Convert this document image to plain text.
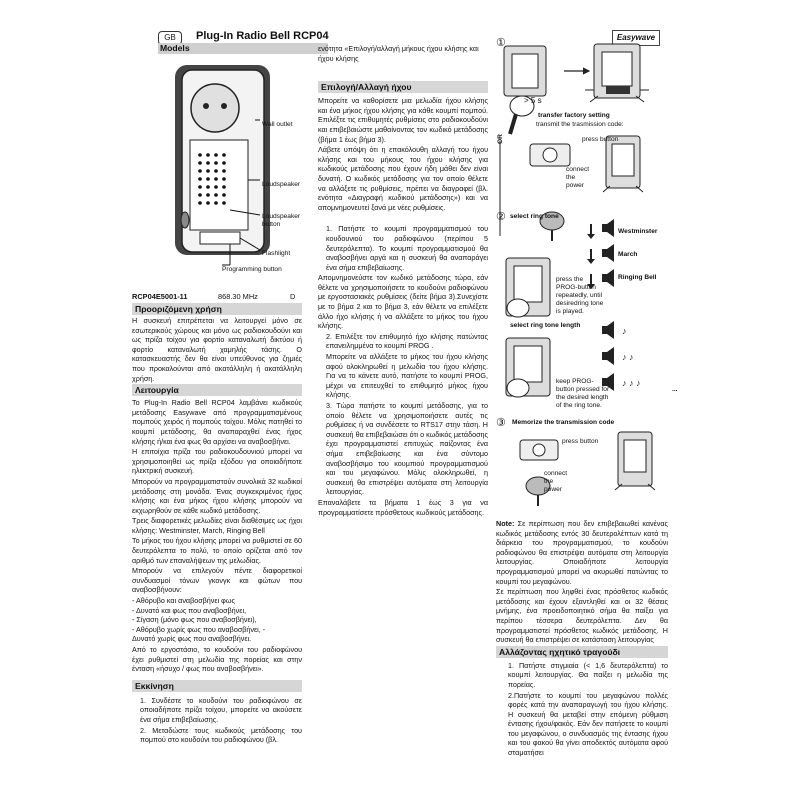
GB	Plug-In Radio Bell RCP04
Models
Easywave
Wall outlet
Loudspeaker
Loudspeaker
button
Flashlight
Programming button
RCP04E5001-11	868.30 MHz	D
Προοριζόμενη χρήση

Η συσκευή επιτρέπεται να λειτουργεί μόνο σε εσωτερικούς χώρους και μόνο ως ραδιοκουδούνι και ως πρίζα τοίχου για φορτίο καταναλωτή δικτύου ή φορτίο καταναλωτή χαμηλής τάσης. Ο κατασκευαστής δεν θα είναι υπεύθυνος για ζημιές που προκαλούνται από ακατάλληλη ή ακατάλληλη χρήση.

Λειτουργία

Το Plug-In Radio Bell RCP04 λαμβάνει κωδικούς μετάδοσης Easywave από προγραμματισμένους πομπούς χειρός ή πομπούς τοίχου. Μόλις πατηθεί το κουμπί μετάδοσης, θα αναπαραχθεί ένας ήχος κλήσης ή/και ένα φως θα αρχίσει να αναβοσβήνει.

Η επιτοίχια πρίζα του ραδιοκουδουνιού μπορεί να χρησιμοποιηθεί ως πρίζα εξόδου για οποιαδήποτε ηλεκτρική συσκευή.

Μπορούν να προγραμματιστούν συνολικά 32 κωδικοί μετάδοσης στη μονάδα. Ένας συγκεκριμένος ήχος κλήσης και ένα μήκος ήχου κλήσης μπορούν να εκχωρηθούν σε κάθε κωδικό μετάδοσης.

Τρεις διαφορετικές μελωδίες είναι διαθέσιμες ως ήχοι κλήσης: Westminster, March, Ringing Bell

Το μήκος του ήχου κλήσης μπορεί να ρυθμιστεί σε 60 δευτερόλεπτα το πολύ, το οποίο ορίζεται από τον αριθμό των επαναλήψεων της μελωδίας.

Μπορούν να επιλεγούν πέντε διαφορετικοί συνδυασμοί τόνων γκονγκ και φώτων που αναβοσβήνουν:

- Αθόρυβο και αναβοσβήνει φως
- Δυνατό και φως που αναβοσβήνει,
- Σίγαση (μόνο φως που αναβοσβήνει),
- Αθόρυβο χωρίς φως που αναβοσβήνει, -
Δυνατό χωρίς φως που αναβοσβήνει.

Από το εργοστάσιο, το κουδούνι του ραδιοφώνου έχει ρυθμιστεί στη μελωδία της πορείας και στην ένταση «ήσυχο / φως που αναβοσβήνει».

Εκκίνηση

1. Συνδέστε το κουδούνι του ραδιοφώνου σε οποιαδήποτε πρίζα τοίχου, μπορείτε να ακούσετε ένα σήμα επιβεβαίωσης.

2. Μεταδώστε τους κωδικούς μετάδοσης του πομπού στο κουδούνι του ραδιοφώνου (βλ.

ενότητα «Επιλογή/αλλαγή μήκους ήχου κλήσης και ήχου κλήσης

Επιλογή/Αλλαγή ήχου

Μπορείτε να καθορίσετε μια μελωδία ήχου κλήσης και ένα μήκος ήχου κλήσης για κάθε κουμπί πομπού. Επιλέξτε τις επιθυμητές ρυθμίσεις στο ραδιοκουδούνι και επιβεβαιώστε μαθαίνοντας τον κωδικό μετάδοσης (βήμα 1 έως βήμα 3).

Λάβετε υπόψη ότι η επακόλουθη αλλαγή του ήχου κλήσης και του μήκους του ήχου κλήσης για κωδικούς μετάδοσης που έχουν ήδη μάθει δεν είναι δυνατή. Ο κωδικός μετάδοσης για τον οποίο θέλετε να αλλάξετε τις ρυθμίσεις, πρέπει να διαγραφεί (βλ. ενότητα «Διαγραφή κωδικού μετάδοσης») και να απομνημονευτεί ξανά με νέες ρυθμίσεις.

1. Πατήστε το κουμπί προγραμματισμού του κουδουνιού του ραδιοφώνου (περίπου 5 δευτερόλεπτα). Το κουμπί προγραμματισμού θα αναβοσβήνει αργά και η συσκευή θα αναπαράγει ένα σήμα επιβεβαίωσης.

Απομνημονεύστε τον κωδικό μετάδοσης τώρα, εάν θέλετε να χρησιμοποιήσετε το κουδούνι ραδιοφώνου με εργοστασιακές ρυθμίσεις (δείτε βήμα 3).Συνεχίστε με το βήμα 2 και το βήμα 3, εάν θέλετε να επιλέξετε άλλο ήχο κλήσης ή να αλλάξετε το μήκος του ήχου κλήσης.

2. Επιλέξτε τον επιθυμητό ήχο κλήσης πατώντας επανειλημμένα το κουμπί PROG .

Μπορείτε να αλλάξετε το μήκος του ήχου κλήσης αφού ολοκληρωθεί η μελωδία του ήχου κλήσης. Για να το κάνετε αυτό, πατήστε το κουμπί PROG, μέχρι να επιτευχθεί το επιθυμητό μήκος ήχου κλήσης.

3. Τώρα πατήστε το κουμπί μετάδοσης, για το οποίο θέλετε να χρησιμοποιήσετε αυτές τις ρυθμίσεις ή να συνδέσετε το RTS17 στην τάση. Η συσκευή θα επιβεβαιώσει ότι ο κωδικός μετάδοσης έχει προγραμματιστεί επιτυχώς παίζοντας ένα σήμα επιβεβαίωσης και ένα σύντομο αναβοσβήσιμο του κουμπιού προγραμματισμού και του μεγαφώνου. Μόλις ολοκληρωθεί, η συσκευή θα επιστρέψει αυτόματα στη λειτουργία λειτουργίας.

Επαναλάβετε τα βήματα 1 έως 3 για να προγραμματίσετε πρόσθετους κωδικούς μετάδοσης.

♪
♪ ♪
♪ ♪ ♪
①
> 5 s
transfer factory setting
transmit the trasmission code:
OR	press button
connect
the
power
② select ring tone
Westminster
March
Ringing Bell
press the
PROG-button
repeatedly, until
desiredring tone
is played.
select ring tone length
keep PROG-
button pressed for
the desired length
of the ring tone.
...
③ Memorize the transmission code
press button
connect
the
power

Note: Σε περίπτωση που δεν επιβεβαιωθεί κανένας κωδικός μετάδοσης εντός 30 δευτερολέπτων κατά τη διάρκεια του προγραμματισμού, το κουδούνι ραδιοφώνου θα επιστρέψει αυτόματα στη λειτουργία λειτουργίας. Οποιαδήποτε λειτουργία προγραμματισμού μπορεί να ακυρωθεί πατώντας το κουμπί του μεγαφώνου.

Σε περίπτωση που ληφθεί ένας πρόσθετος κωδικός μετάδοσης και έχουν εξαντληθεί και οι 32 θέσεις μνήμης, ένα προειδοποιητικό σήμα θα παίξει για περίπου τέσσερα δευτερόλεπτα. Δεν θα προγραμματιστεί πρόσθετος κωδικός μετάδοσης. Η συσκευή θα επιστρέψει σε κατάσταση λειτουργίας

Αλλάζοντας ηχητικό τραγούδι

1. Πατήστε στιγμιαία (< 1,6 δευτερόλεπτα) το κουμπί λειτουργίας. Θα παίξει η μελωδία της πορείας.

2.Πατήστε το κουμπί του μεγαφώνου πολλές φορές κατά την αναπαραγωγή του ήχου κλήσης. Η συσκευή θα μεταβεί στην επόμενη ρύθμιση έντασης ήχου/φακός. Εάν δεν πατήσετε το κουμπί του μεγαφώνου, ο συνδυασμός της έντασης ήχου και του φακού θα γίνει αποδεκτός αυτόματα αφού σταματήσει
